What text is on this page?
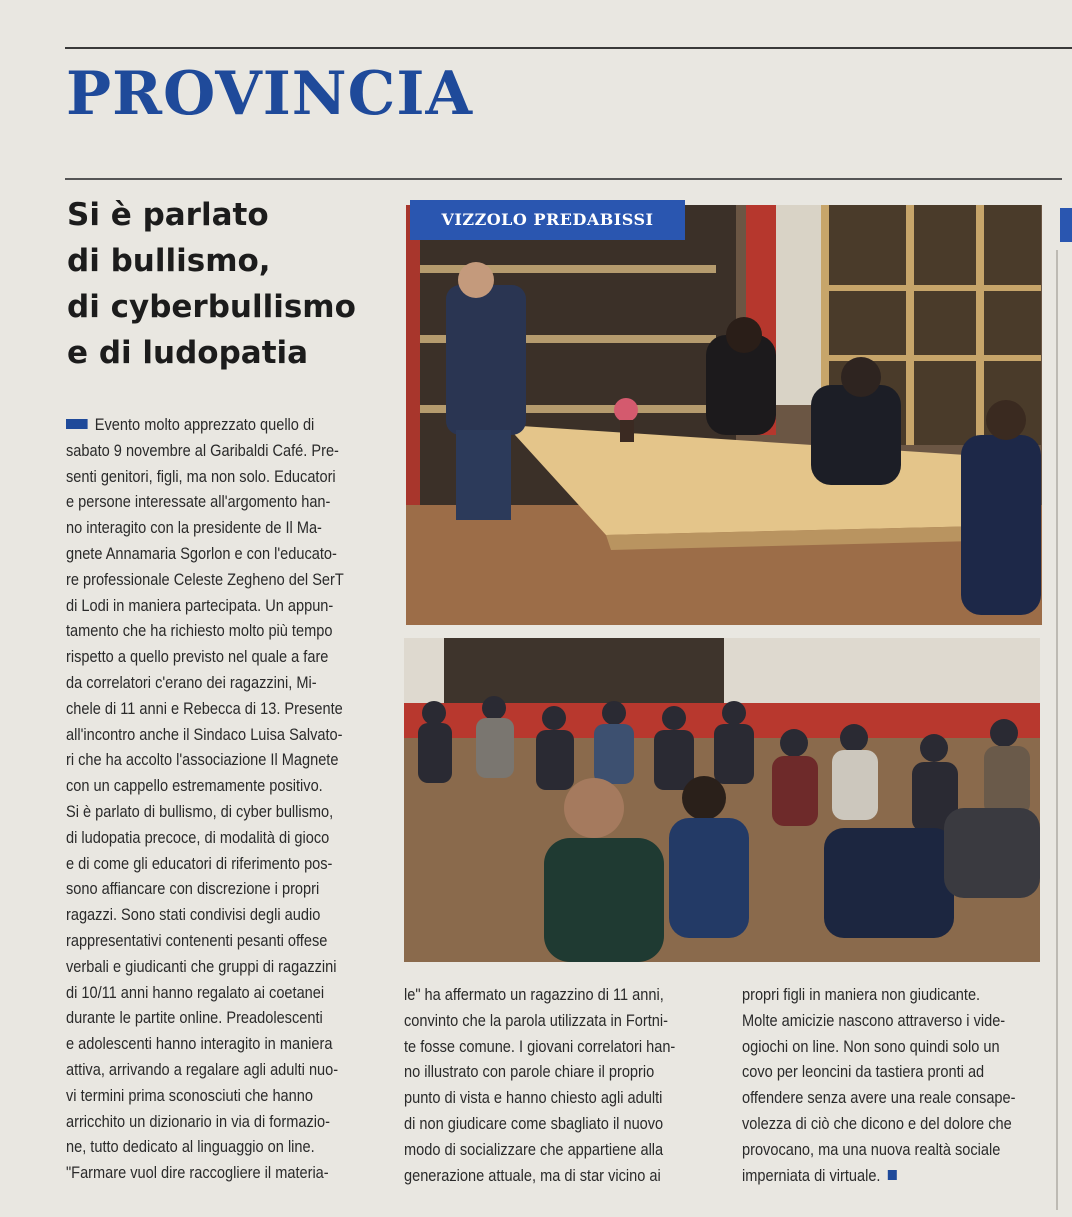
PROVINCIA
Si è parlato
di bullismo,
di cyberbullismo
e di ludopatia
VIZZOLO PREDABISSI
Evento molto apprezzato quello di
sabato 9 novembre al Garibaldi Café. Pre-
senti genitori, figli, ma non solo. Educatori
e persone interessate all'argomento han-
no interagito con la presidente de Il Ma-
gnete Annamaria Sgorlon e con l'educato-
re professionale Celeste Zegheno del SerT
di Lodi in maniera partecipata. Un appun-
tamento che ha richiesto molto più tempo
rispetto a quello previsto nel quale a fare
da correlatori c'erano dei ragazzini, Mi-
chele di 11 anni e Rebecca di 13. Presente
all'incontro anche il Sindaco Luisa Salvato-
ri che ha accolto l'associazione Il Magnete
con un cappello estremamente positivo.
Si è parlato di bullismo, di cyber bullismo,
di ludopatia precoce, di modalità di gioco
e di come gli educatori di riferimento pos-
sono affiancare con discrezione i propri
ragazzi. Sono stati condivisi degli audio
rappresentativi contenenti pesanti offese
verbali e giudicanti che gruppi di ragazzini
di 10/11 anni hanno regalato ai coetanei
durante le partite online. Preadolescenti
e adolescenti hanno interagito in maniera
attiva, arrivando a regalare agli adulti nuo-
vi termini prima sconosciuti che hanno
arricchito un dizionario in via di formazio-
ne, tutto dedicato al linguaggio on line.
"Farmare vuol dire raccogliere il materia-
le" ha affermato un ragazzino di 11 anni,
convinto che la parola utilizzata in Fortni-
te fosse comune. I giovani correlatori han-
no illustrato con parole chiare il proprio
punto di vista e hanno chiesto agli adulti
di non giudicare come sbagliato il nuovo
modo di socializzare che appartiene alla
generazione attuale, ma di star vicino ai
propri figli in maniera non giudicante.
Molte amicizie nascono attraverso i vide-
ogiochi on line. Non sono quindi solo un
covo per leoncini da tastiera pronti ad
offendere senza avere una reale consape-
volezza di ciò che dicono e del dolore che
provocano, ma una nuova realtà sociale
imperniata di virtuale.
